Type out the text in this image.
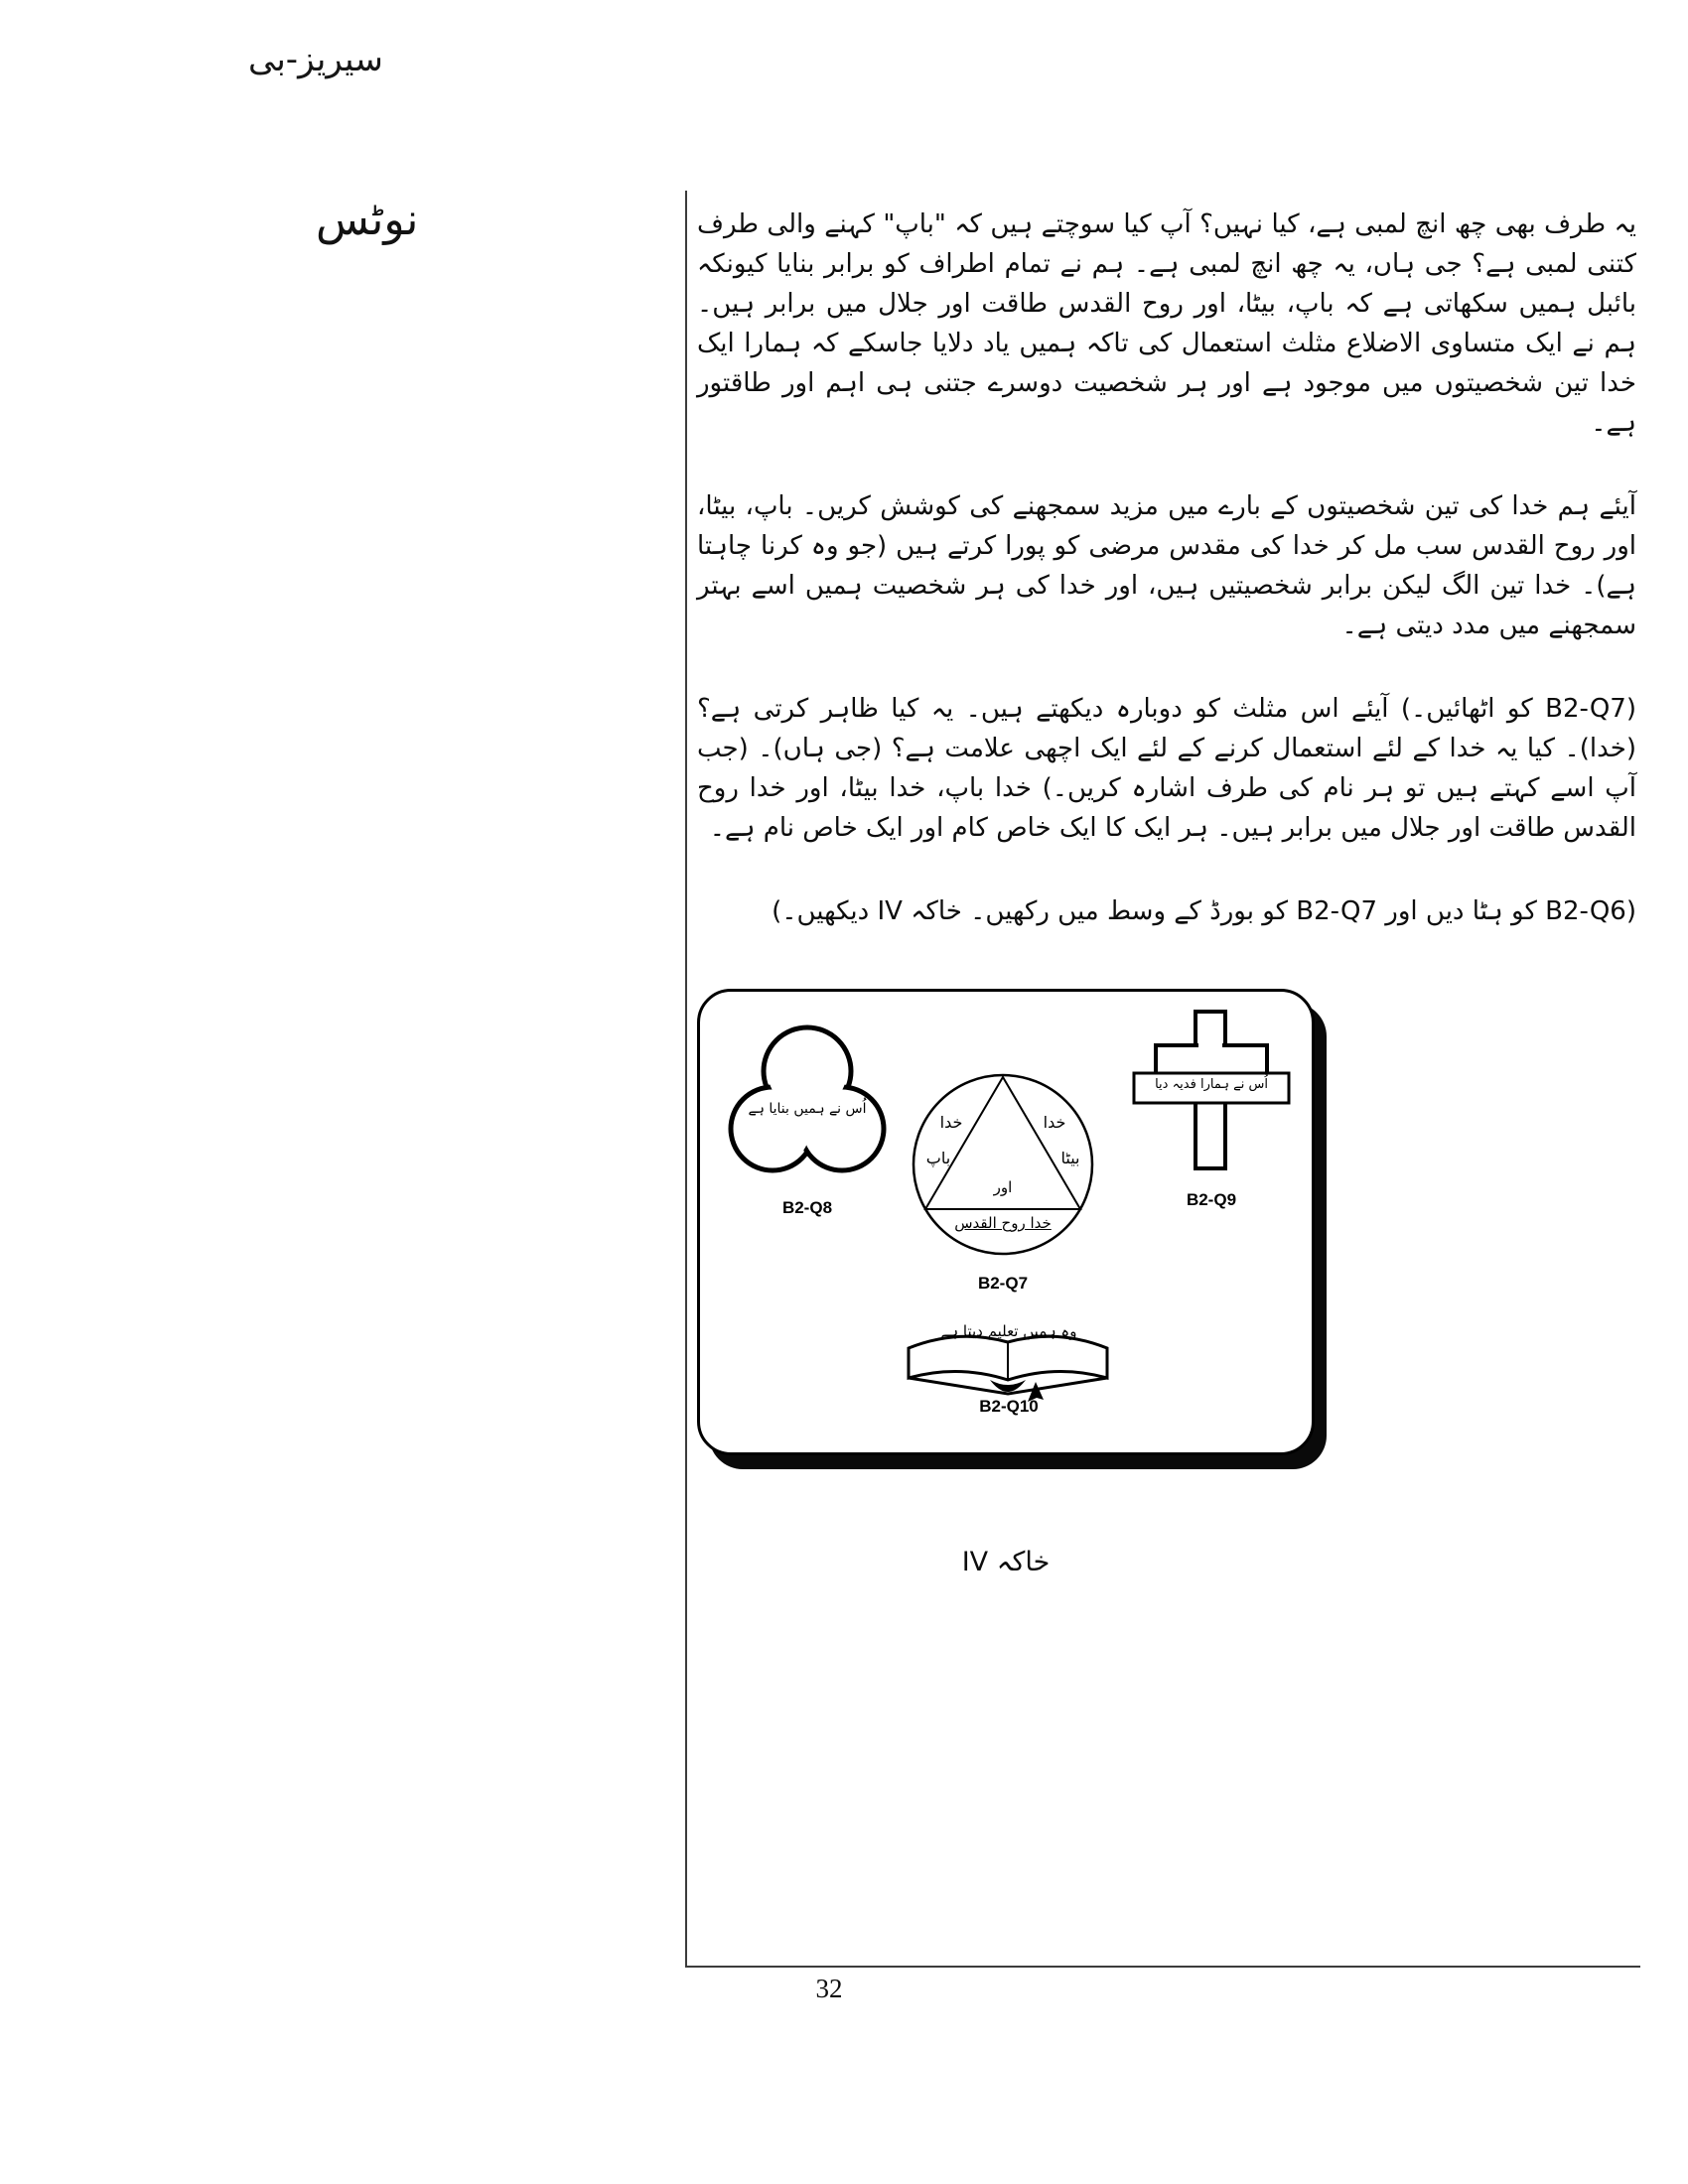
سیریز-بی
نوٹس	یہ طرف بھی چھ انچ لمبی ہے، کیا نہیں؟ آپ کیا سوچتے ہیں کہ "باپ" کہنے والی طرف کتنی لمبی ہے؟ جی ہاں، یہ چھ انچ لمبی ہے۔ ہم نے تمام اطراف کو برابر بنایا کیونکہ بائبل ہمیں سکھاتی ہے کہ باپ، بیٹا، اور روح القدس طاقت اور جلال میں برابر ہیں۔ ہم نے ایک متساوی الاضلاع مثلث استعمال کی تاکہ ہمیں یاد دلایا جاسکے کہ ہمارا ایک خدا تین شخصیتوں میں موجود ہے اور ہر شخصیت دوسرے جتنی ہی اہم اور طاقتور ہے۔

آیئے ہم خدا کی تین شخصیتوں کے بارے میں مزید سمجھنے کی کوشش کریں۔ باپ، بیٹا، اور روح القدس سب مل کر خدا کی مقدس مرضی کو پورا کرتے ہیں (جو وہ کرنا چاہتا ہے)۔ خدا تین الگ لیکن برابر شخصیتیں ہیں، اور خدا کی ہر شخصیت ہمیں اسے بہتر سمجھنے میں مدد دیتی ہے۔

(B2-Q7 کو اٹھائیں۔) آیئے اس مثلث کو دوبارہ دیکھتے ہیں۔ یہ کیا ظاہر کرتی ہے؟ (خدا)۔ کیا یہ خدا کے لئے استعمال کرنے کے لئے ایک اچھی علامت ہے؟ (جی ہاں)۔ (جب آپ اسے کہتے ہیں تو ہر نام کی طرف اشارہ کریں۔) خدا باپ، خدا بیٹا، اور خدا روح القدس طاقت اور جلال میں برابر ہیں۔ ہر ایک کا ایک خاص کام اور ایک خاص نام ہے۔

(B2-Q6 کو ہٹا دیں اور B2-Q7 کو بورڈ کے وسط میں رکھیں۔ خاکہ IV دیکھیں۔)

اُس نے ہمیں بنایا ہے
B2-Q8
خدا
باپ
خدا
بیٹا
اور
خدا روح القدس
B2-Q7
اُس نے ہمارا فدیہ دیا
B2-Q9
وہ ہمیں تعلیم دیتا ہے
B2-Q10
خاکہ IV
32
